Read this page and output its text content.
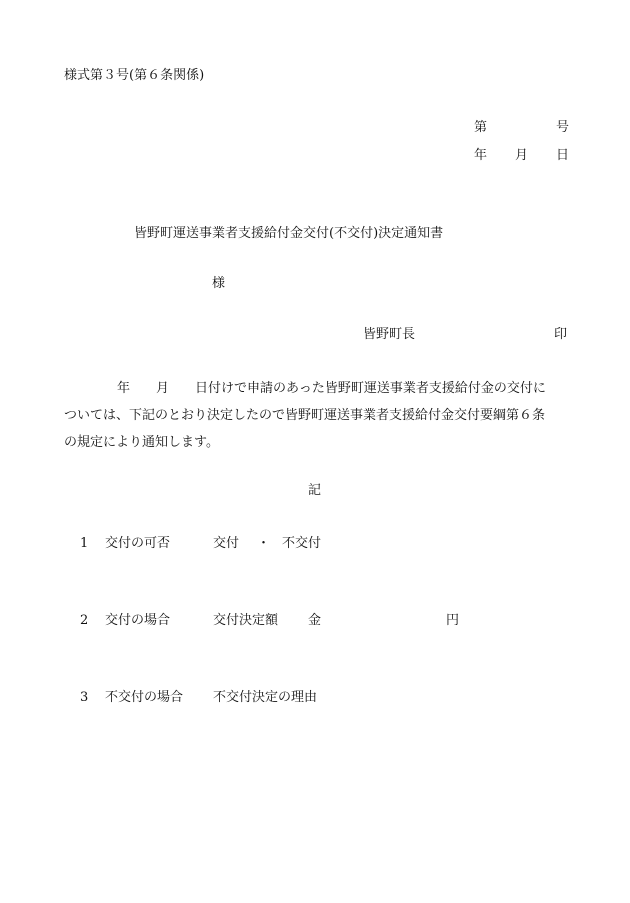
様式第３号(第６条関係)
第	号
年 月 日
皆野町運送事業者支援給付金交付(不交付)決定通知書
様
皆野町長	印
年 月 日付けで申請のあった皆野町運送事業者支援給付金の交付に
ついては、下記のとおり決定したので皆野町運送事業者支援給付金交付要綱第６条
の規定により通知します。
記
1 交付の可否	交付 ・ 不交付
2 交付の場合	交付決定額 金	円
3 不交付の場合 不交付決定の理由
